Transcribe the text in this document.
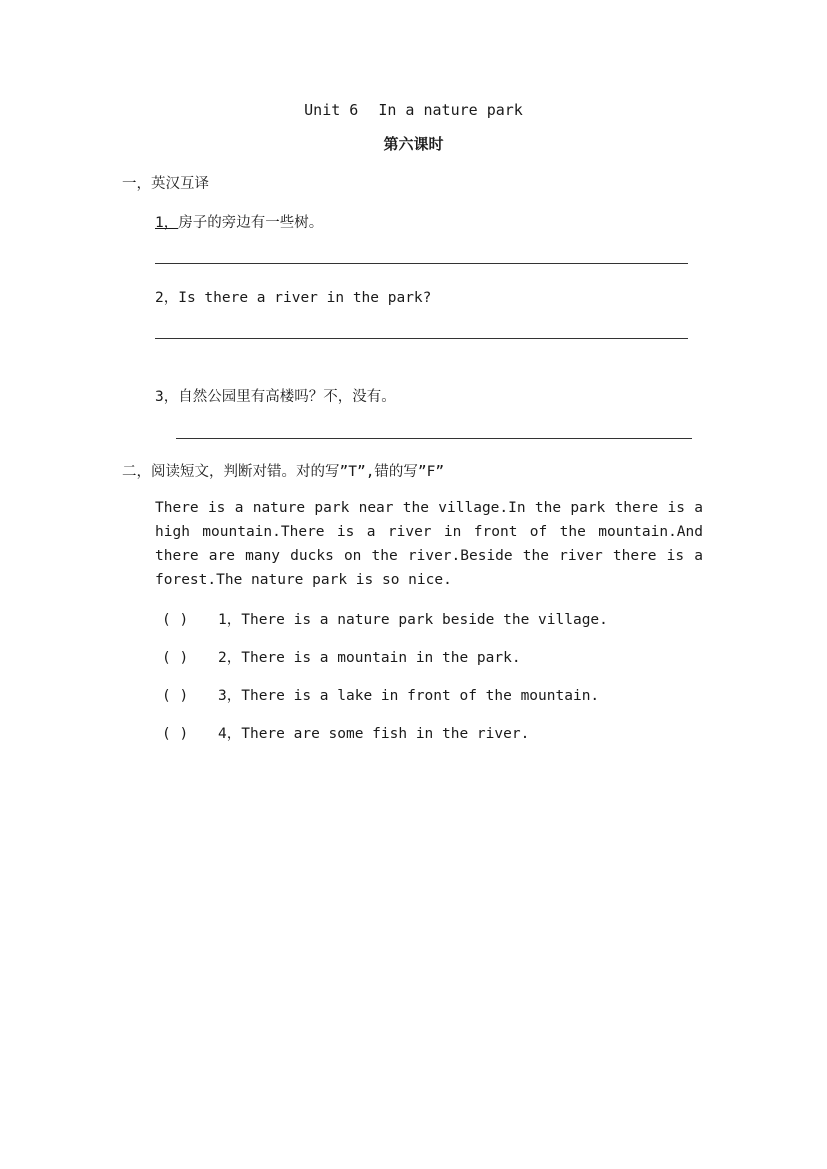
Unit 6 In a nature park
第六课时
一，英汉互译
1，房子的旁边有一些树。
2，Is there a river in the park?
3，自然公园里有高楼吗？不，没有。
二，阅读短文，判断对错。对的写”T”,错的写”F”
There is a nature park near the village.In the park there is a high mountain.There is a river in front of the mountain.And there are many ducks on the river.Beside the river there is a forest.The nature park is so nice.
( ) 1，There is a nature park beside the village.
( ) 2，There is a mountain in the park.
( ) 3，There is a lake in front of the mountain.
( ) 4，There are some fish in the river.
